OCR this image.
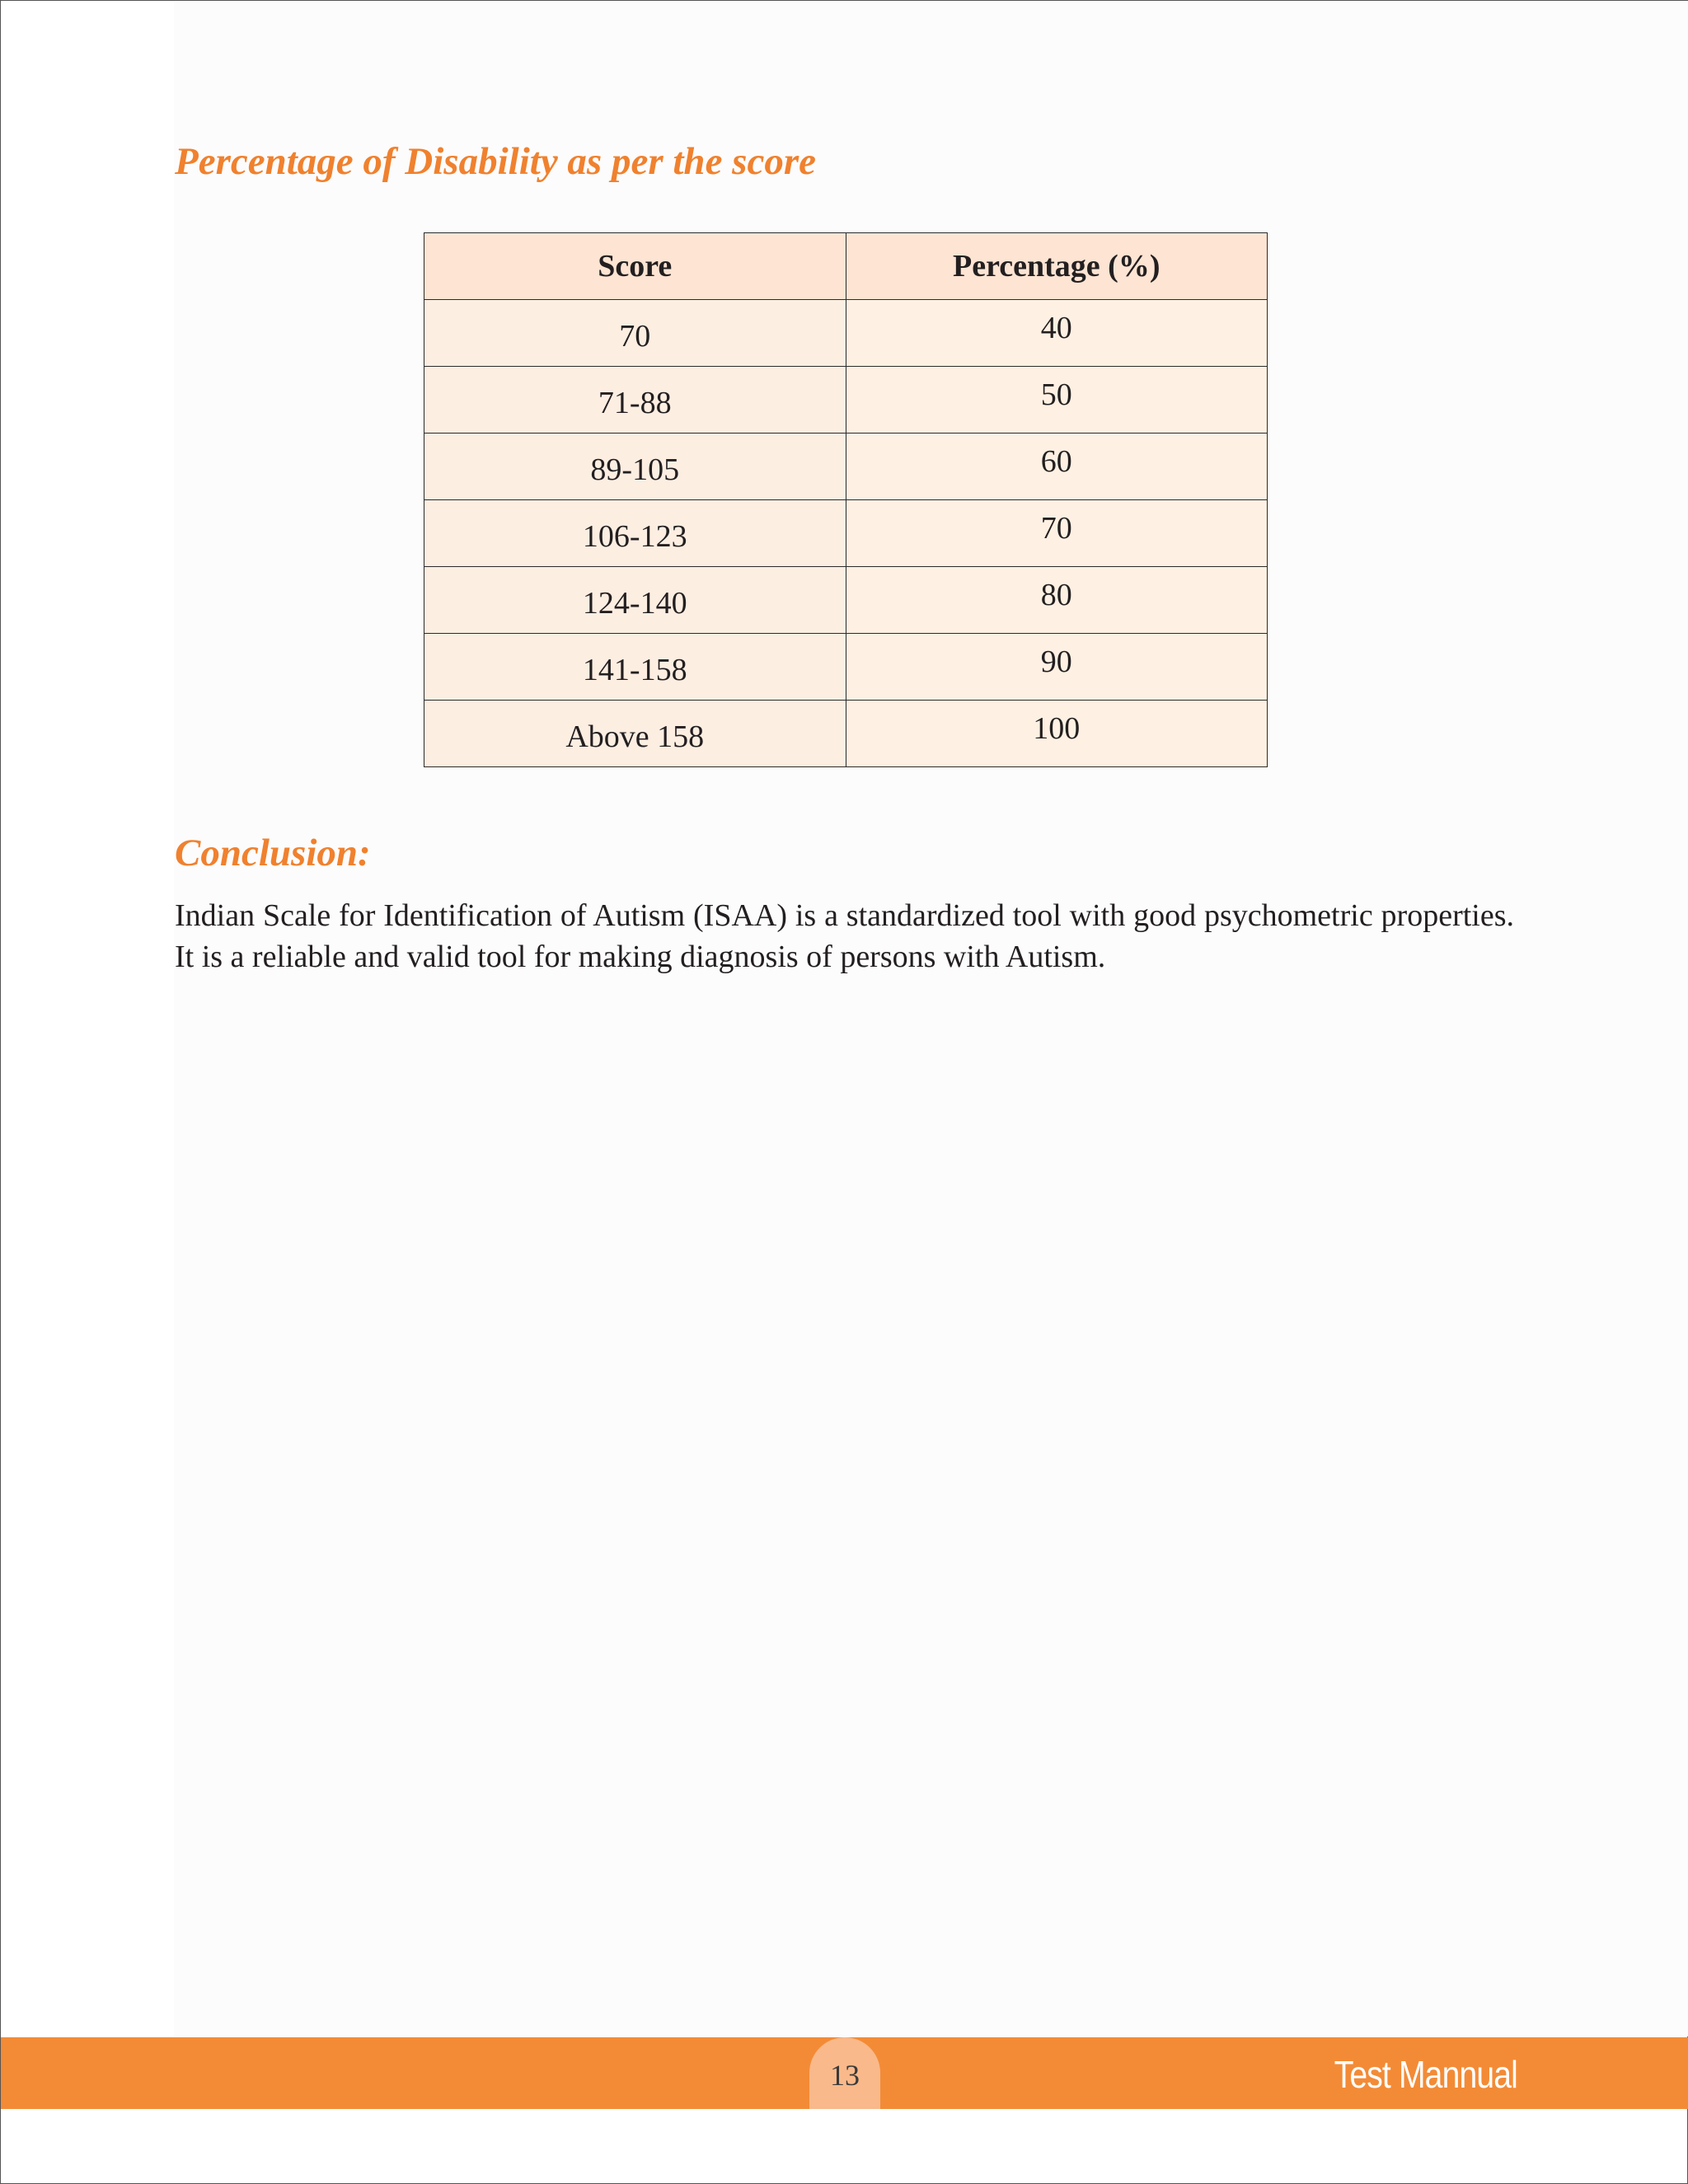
Percentage of Disability as per the score
Score	Percentage (%)
70	40
71-88	50
89-105	60
106-123	70
124-140	80
141-158	90
Above 158	100
Conclusion:

Indian Scale for Identification of Autism (ISAA) is a standardized tool with good psychometric properties. It is a reliable and valid tool for making diagnosis of persons with Autism.

13	Test Mannual
